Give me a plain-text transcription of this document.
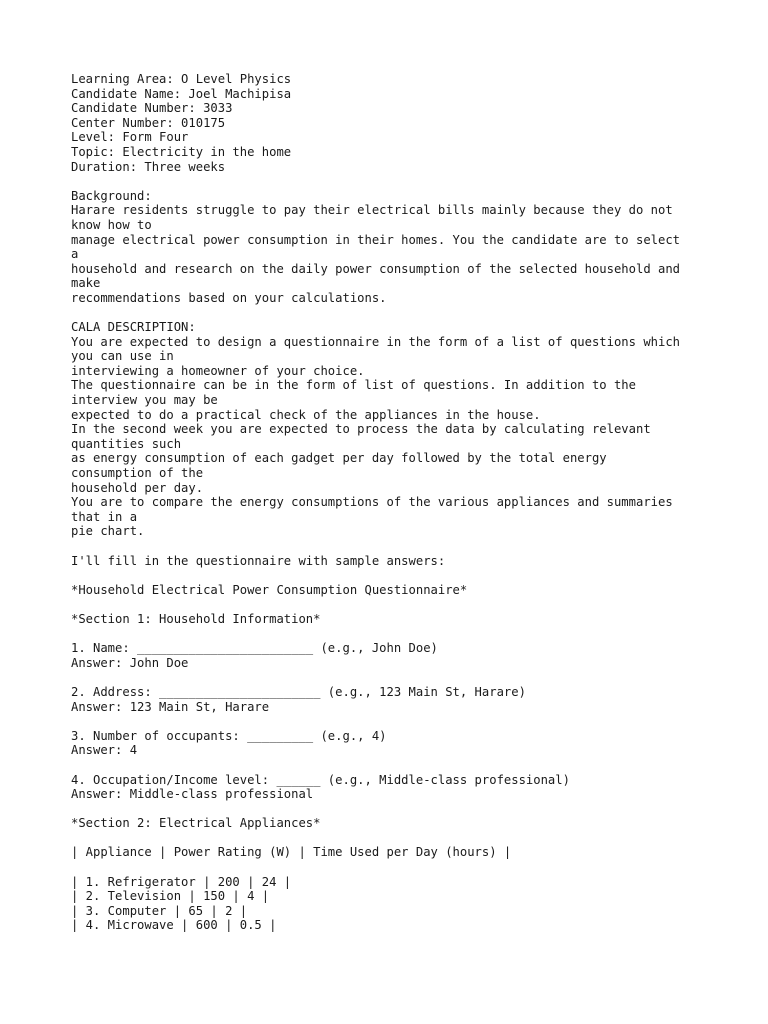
Learning Area: O Level Physics
Candidate Name: Joel Machipisa
Candidate Number: 3033
Center Number: 010175
Level: Form Four
Topic: Electricity in the home
Duration: Three weeks
Background:
Harare residents struggle to pay their electrical bills mainly because they do not
know how to
manage electrical power consumption in their homes. You the candidate are to select
a
household and research on the daily power consumption of the selected household and
make
recommendations based on your calculations.
CALA DESCRIPTION:
You are expected to design a questionnaire in the form of a list of questions which
you can use in
interviewing a homeowner of your choice.
The questionnaire can be in the form of list of questions. In addition to the
interview you may be
expected to do a practical check of the appliances in the house.
In the second week you are expected to process the data by calculating relevant
quantities such
as energy consumption of each gadget per day followed by the total energy
consumption of the
household per day.
You are to compare the energy consumptions of the various appliances and summaries
that in a
pie chart.
I'll fill in the questionnaire with sample answers:
*Household Electrical Power Consumption Questionnaire*
*Section 1: Household Information*
1. Name: ________________________ (e.g., John Doe)
Answer: John Doe
2. Address: ______________________ (e.g., 123 Main St, Harare)
Answer: 123 Main St, Harare
3. Number of occupants: _________ (e.g., 4)
Answer: 4
4. Occupation/Income level: ______ (e.g., Middle-class professional)
Answer: Middle-class professional
*Section 2: Electrical Appliances*
| Appliance | Power Rating (W) | Time Used per Day (hours) |
| 1. Refrigerator | 200 | 24 |
| 2. Television | 150 | 4 |
| 3. Computer | 65 | 2 |
| 4. Microwave | 600 | 0.5 |
